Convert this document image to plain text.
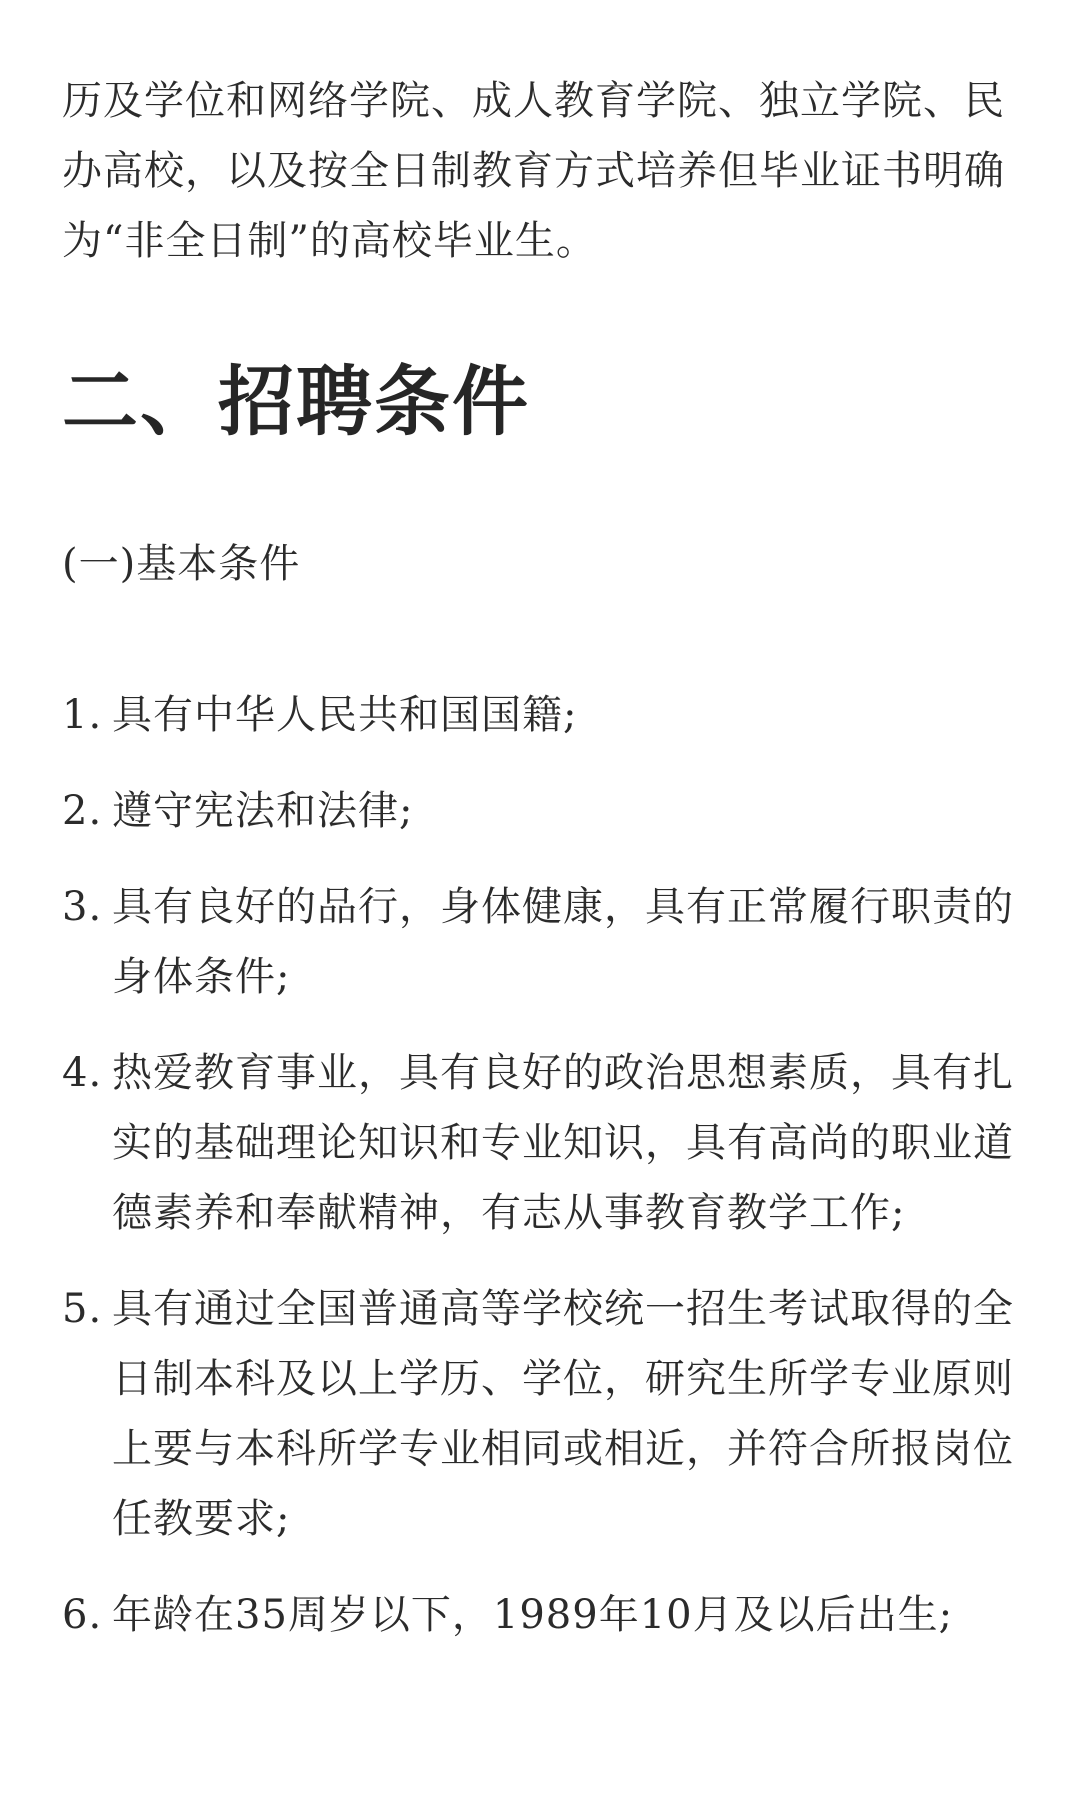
历及学位和网络学院、成人教育学院、独立学院、民办高校，以及按全日制教育方式培养但毕业证书明确为“非全日制”的高校毕业生。

二、招聘条件

(一)基本条件

1. 具有中华人民共和国国籍;
2. 遵守宪法和法律;
3. 具有良好的品行，身体健康，具有正常履行职责的身体条件;
4. 热爱教育事业，具有良好的政治思想素质，具有扎实的基础理论知识和专业知识，具有高尚的职业道德素养和奉献精神，有志从事教育教学工作;
5. 具有通过全国普通高等学校统一招生考试取得的全日制本科及以上学历、学位，研究生所学专业原则上要与本科所学专业相同或相近，并符合所报岗位任教要求;
6. 年龄在35周岁以下，1989年10月及以后出生;
